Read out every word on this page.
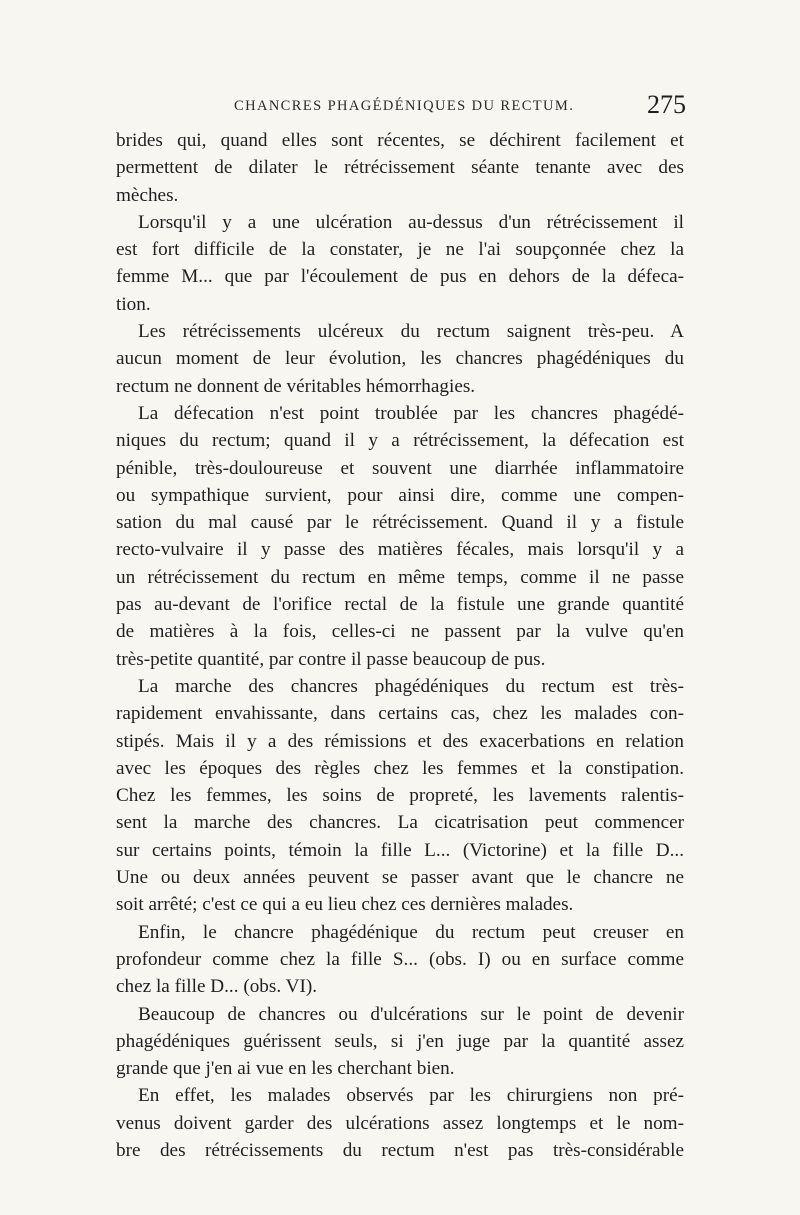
CHANCRES PHAGÉDÉNIQUES DU RECTUM.	275
brides qui, quand elles sont récentes, se déchirent facilement et
permettent de dilater le rétrécissement séante tenante avec des
mèches.
Lorsqu'il y a une ulcération au-dessus d'un rétrécissement il
est fort difficile de la constater, je ne l'ai soupçonnée chez la
femme M... que par l'écoulement de pus en dehors de la défeca-
tion.
Les rétrécissements ulcéreux du rectum saignent très-peu. A
aucun moment de leur évolution, les chancres phagédéniques du
rectum ne donnent de véritables hémorrhagies.
La défecation n'est point troublée par les chancres phagédé-
niques du rectum; quand il y a rétrécissement, la défecation est
pénible, très-douloureuse et souvent une diarrhée inflammatoire
ou sympathique survient, pour ainsi dire, comme une compen-
sation du mal causé par le rétrécissement. Quand il y a fistule
recto-vulvaire il y passe des matières fécales, mais lorsqu'il y a
un rétrécissement du rectum en même temps, comme il ne passe
pas au-devant de l'orifice rectal de la fistule une grande quantité
de matières à la fois, celles-ci ne passent par la vulve qu'en
très-petite quantité, par contre il passe beaucoup de pus.
La marche des chancres phagédéniques du rectum est très-
rapidement envahissante, dans certains cas, chez les malades con-
stipés. Mais il y a des rémissions et des exacerbations en relation
avec les époques des règles chez les femmes et la constipation.
Chez les femmes, les soins de propreté, les lavements ralentis-
sent la marche des chancres. La cicatrisation peut commencer
sur certains points, témoin la fille L... (Victorine) et la fille D...
Une ou deux années peuvent se passer avant que le chancre ne
soit arrêté; c'est ce qui a eu lieu chez ces dernières malades.
Enfin, le chancre phagédénique du rectum peut creuser en
profondeur comme chez la fille S... (obs. I) ou en surface comme
chez la fille D... (obs. VI).
Beaucoup de chancres ou d'ulcérations sur le point de devenir
phagédéniques guérissent seuls, si j'en juge par la quantité assez
grande que j'en ai vue en les cherchant bien.
En effet, les malades observés par les chirurgiens non pré-
venus doivent garder des ulcérations assez longtemps et le nom-
bre des rétrécissements du rectum n'est pas très-considérable
